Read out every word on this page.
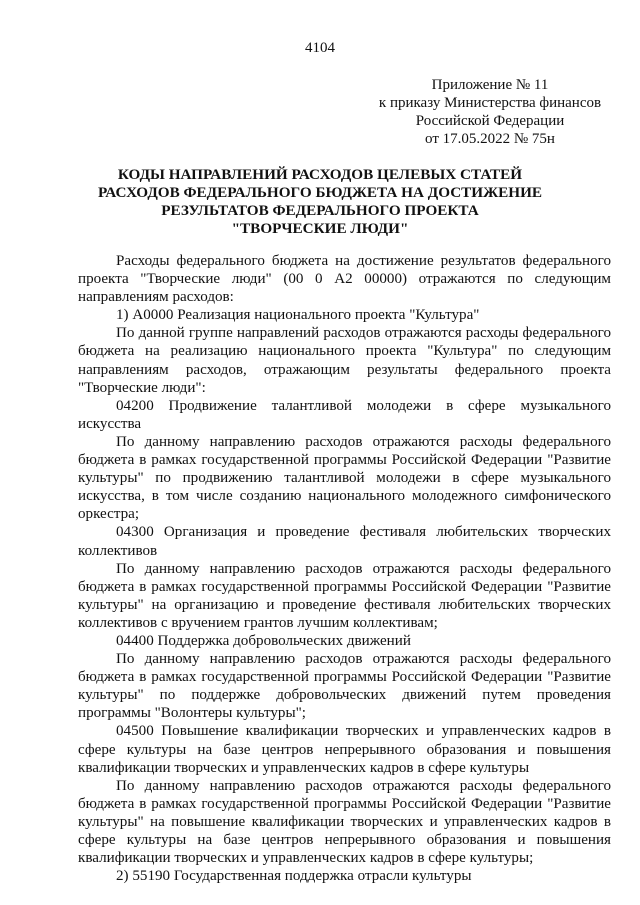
4104
Приложение № 11
к приказу Министерства финансов
Российской Федерации
от 17.05.2022 № 75н
КОДЫ НАПРАВЛЕНИЙ РАСХОДОВ ЦЕЛЕВЫХ СТАТЕЙ
РАСХОДОВ ФЕДЕРАЛЬНОГО БЮДЖЕТА НА ДОСТИЖЕНИЕ
РЕЗУЛЬТАТОВ ФЕДЕРАЛЬНОГО ПРОЕКТА
"ТВОРЧЕСКИЕ ЛЮДИ"

Расходы федерального бюджета на достижение результатов федерального проекта "Творческие люди" (00 0 А2 00000) отражаются по следующим направлениям расходов:

1) А0000 Реализация национального проекта "Культура"

По данной группе направлений расходов отражаются расходы федерального бюджета на реализацию национального проекта "Культура" по следующим направлениям расходов, отражающим результаты федерального проекта "Творческие люди":

04200 Продвижение талантливой молодежи в сфере музыкального искусства

По данному направлению расходов отражаются расходы федерального бюджета в рамках государственной программы Российской Федерации "Развитие культуры" по продвижению талантливой молодежи в сфере музыкального искусства, в том числе созданию национального молодежного симфонического оркестра;

04300 Организация и проведение фестиваля любительских творческих коллективов

По данному направлению расходов отражаются расходы федерального бюджета в рамках государственной программы Российской Федерации "Развитие культуры" на организацию и проведение фестиваля любительских творческих коллективов с вручением грантов лучшим коллективам;

04400 Поддержка добровольческих движений

По данному направлению расходов отражаются расходы федерального бюджета в рамках государственной программы Российской Федерации "Развитие культуры" по поддержке добровольческих движений путем проведения программы "Волонтеры культуры";

04500 Повышение квалификации творческих и управленческих кадров в сфере культуры на базе центров непрерывного образования и повышения квалификации творческих и управленческих кадров в сфере культуры

По данному направлению расходов отражаются расходы федерального бюджета в рамках государственной программы Российской Федерации "Развитие культуры" на повышение квалификации творческих и управленческих кадров в сфере культуры на базе центров непрерывного образования и повышения квалификации творческих и управленческих кадров в сфере культуры;

2) 55190 Государственная поддержка отрасли культуры
